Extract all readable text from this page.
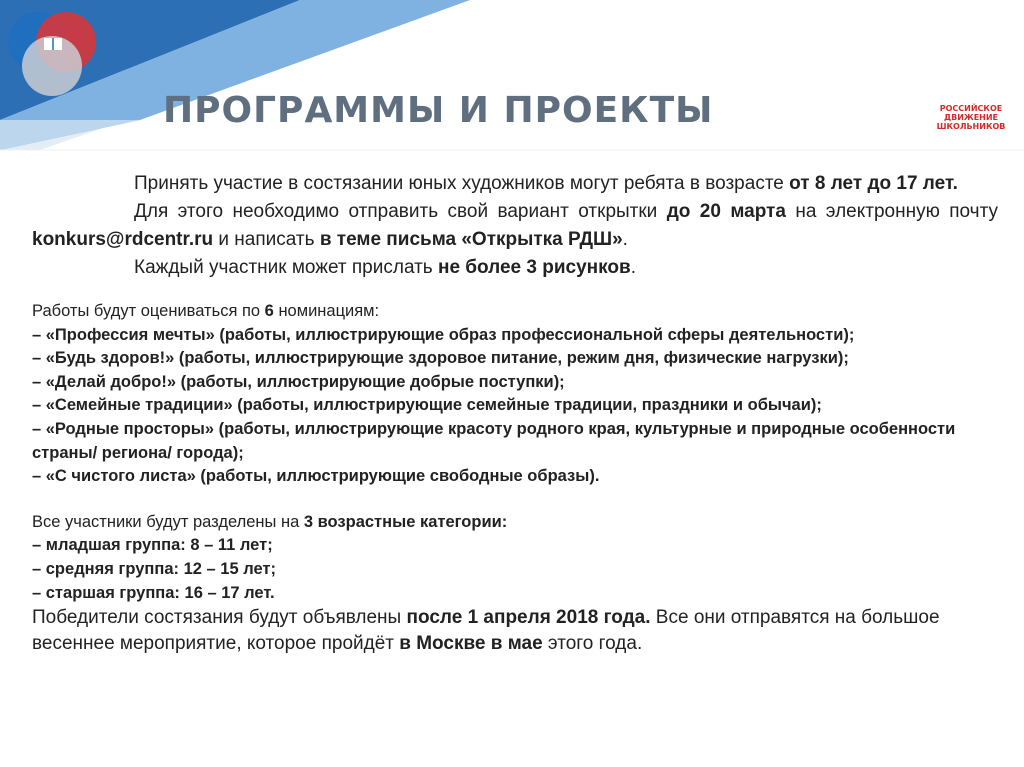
ПРОГРАММЫ И ПРОЕКТЫ	РОССИЙСКОЕ ДВИЖЕНИЕ ШКОЛЬНИКОВ

Принять участие в состязании юных художников могут ребята в возрасте от 8 лет до 17 лет.

Для этого необходимо отправить свой вариант открытки до 20 марта на электронную почту konkurs@rdcentr.ru и написать в теме письма «Открытка РДШ».

Каждый участник может прислать не более 3 рисунков.

Работы будут оцениваться по 6 номинациям:

– «Профессия мечты» (работы, иллюстрирующие образ профессиональной сферы деятельности);
– «Будь здоров!» (работы, иллюстрирующие здоровое питание, режим дня, физические нагрузки);
– «Делай добро!» (работы, иллюстрирующие добрые поступки);
– «Семейные традиции» (работы, иллюстрирующие семейные традиции, праздники и обычаи);
– «Родные просторы» (работы, иллюстрирующие красоту родного края, культурные и природные особенности страны/ региона/ города);
– «С чистого листа» (работы, иллюстрирующие свободные образы).

Все участники будут разделены на 3 возрастные категории:

– младшая группа: 8 – 11 лет;
– средняя группа: 12 – 15 лет;
– старшая группа: 16 – 17 лет.

Победители состязания будут объявлены после 1 апреля 2018 года. Все они отправятся на большое весеннее мероприятие, которое пройдёт в Москве в мае этого года.
